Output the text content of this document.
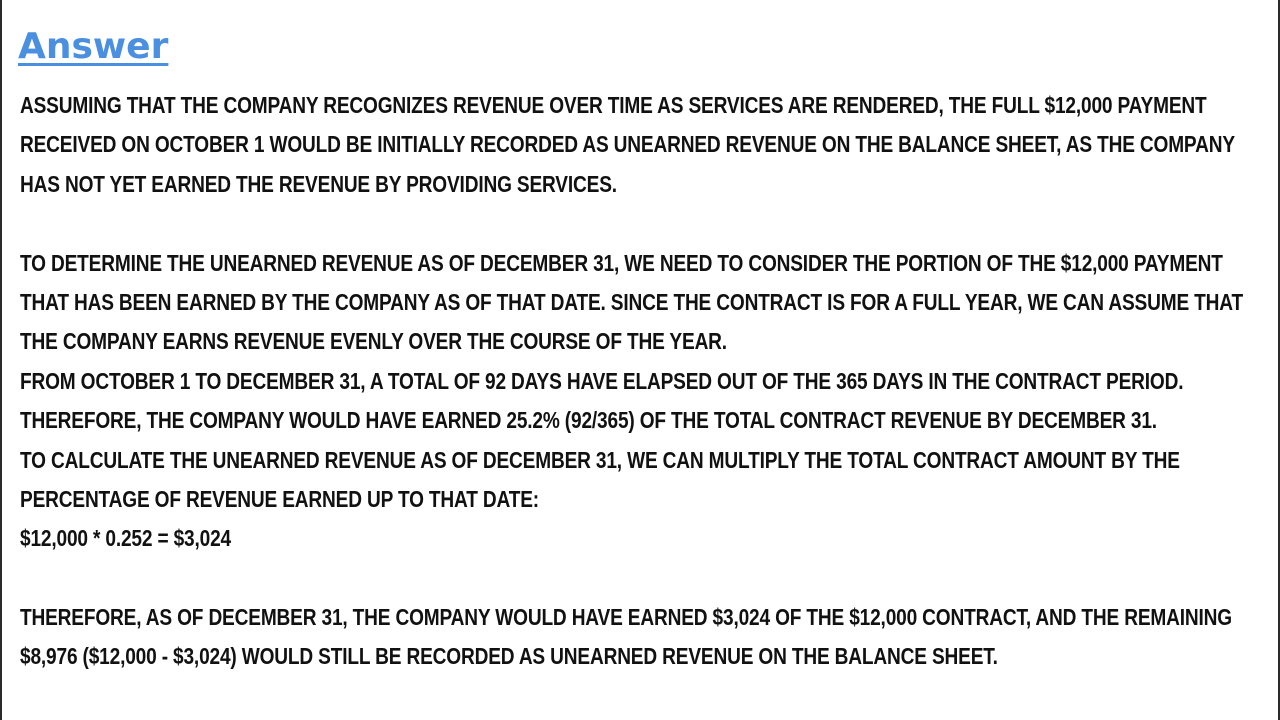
Answer
ASSUMING THAT THE COMPANY RECOGNIZES REVENUE OVER TIME AS SERVICES ARE RENDERED, THE FULL $12,000 PAYMENT
RECEIVED ON OCTOBER 1 WOULD BE INITIALLY RECORDED AS UNEARNED REVENUE ON THE BALANCE SHEET, AS THE COMPANY
HAS NOT YET EARNED THE REVENUE BY PROVIDING SERVICES.
TO DETERMINE THE UNEARNED REVENUE AS OF DECEMBER 31, WE NEED TO CONSIDER THE PORTION OF THE $12,000 PAYMENT
THAT HAS BEEN EARNED BY THE COMPANY AS OF THAT DATE. SINCE THE CONTRACT IS FOR A FULL YEAR, WE CAN ASSUME THAT
THE COMPANY EARNS REVENUE EVENLY OVER THE COURSE OF THE YEAR.
FROM OCTOBER 1 TO DECEMBER 31, A TOTAL OF 92 DAYS HAVE ELAPSED OUT OF THE 365 DAYS IN THE CONTRACT PERIOD.
THEREFORE, THE COMPANY WOULD HAVE EARNED 25.2% (92/365) OF THE TOTAL CONTRACT REVENUE BY DECEMBER 31.
TO CALCULATE THE UNEARNED REVENUE AS OF DECEMBER 31, WE CAN MULTIPLY THE TOTAL CONTRACT AMOUNT BY THE
PERCENTAGE OF REVENUE EARNED UP TO THAT DATE:
$12,000 * 0.252 = $3,024
THEREFORE, AS OF DECEMBER 31, THE COMPANY WOULD HAVE EARNED $3,024 OF THE $12,000 CONTRACT, AND THE REMAINING
$8,976 ($12,000 - $3,024) WOULD STILL BE RECORDED AS UNEARNED REVENUE ON THE BALANCE SHEET.
